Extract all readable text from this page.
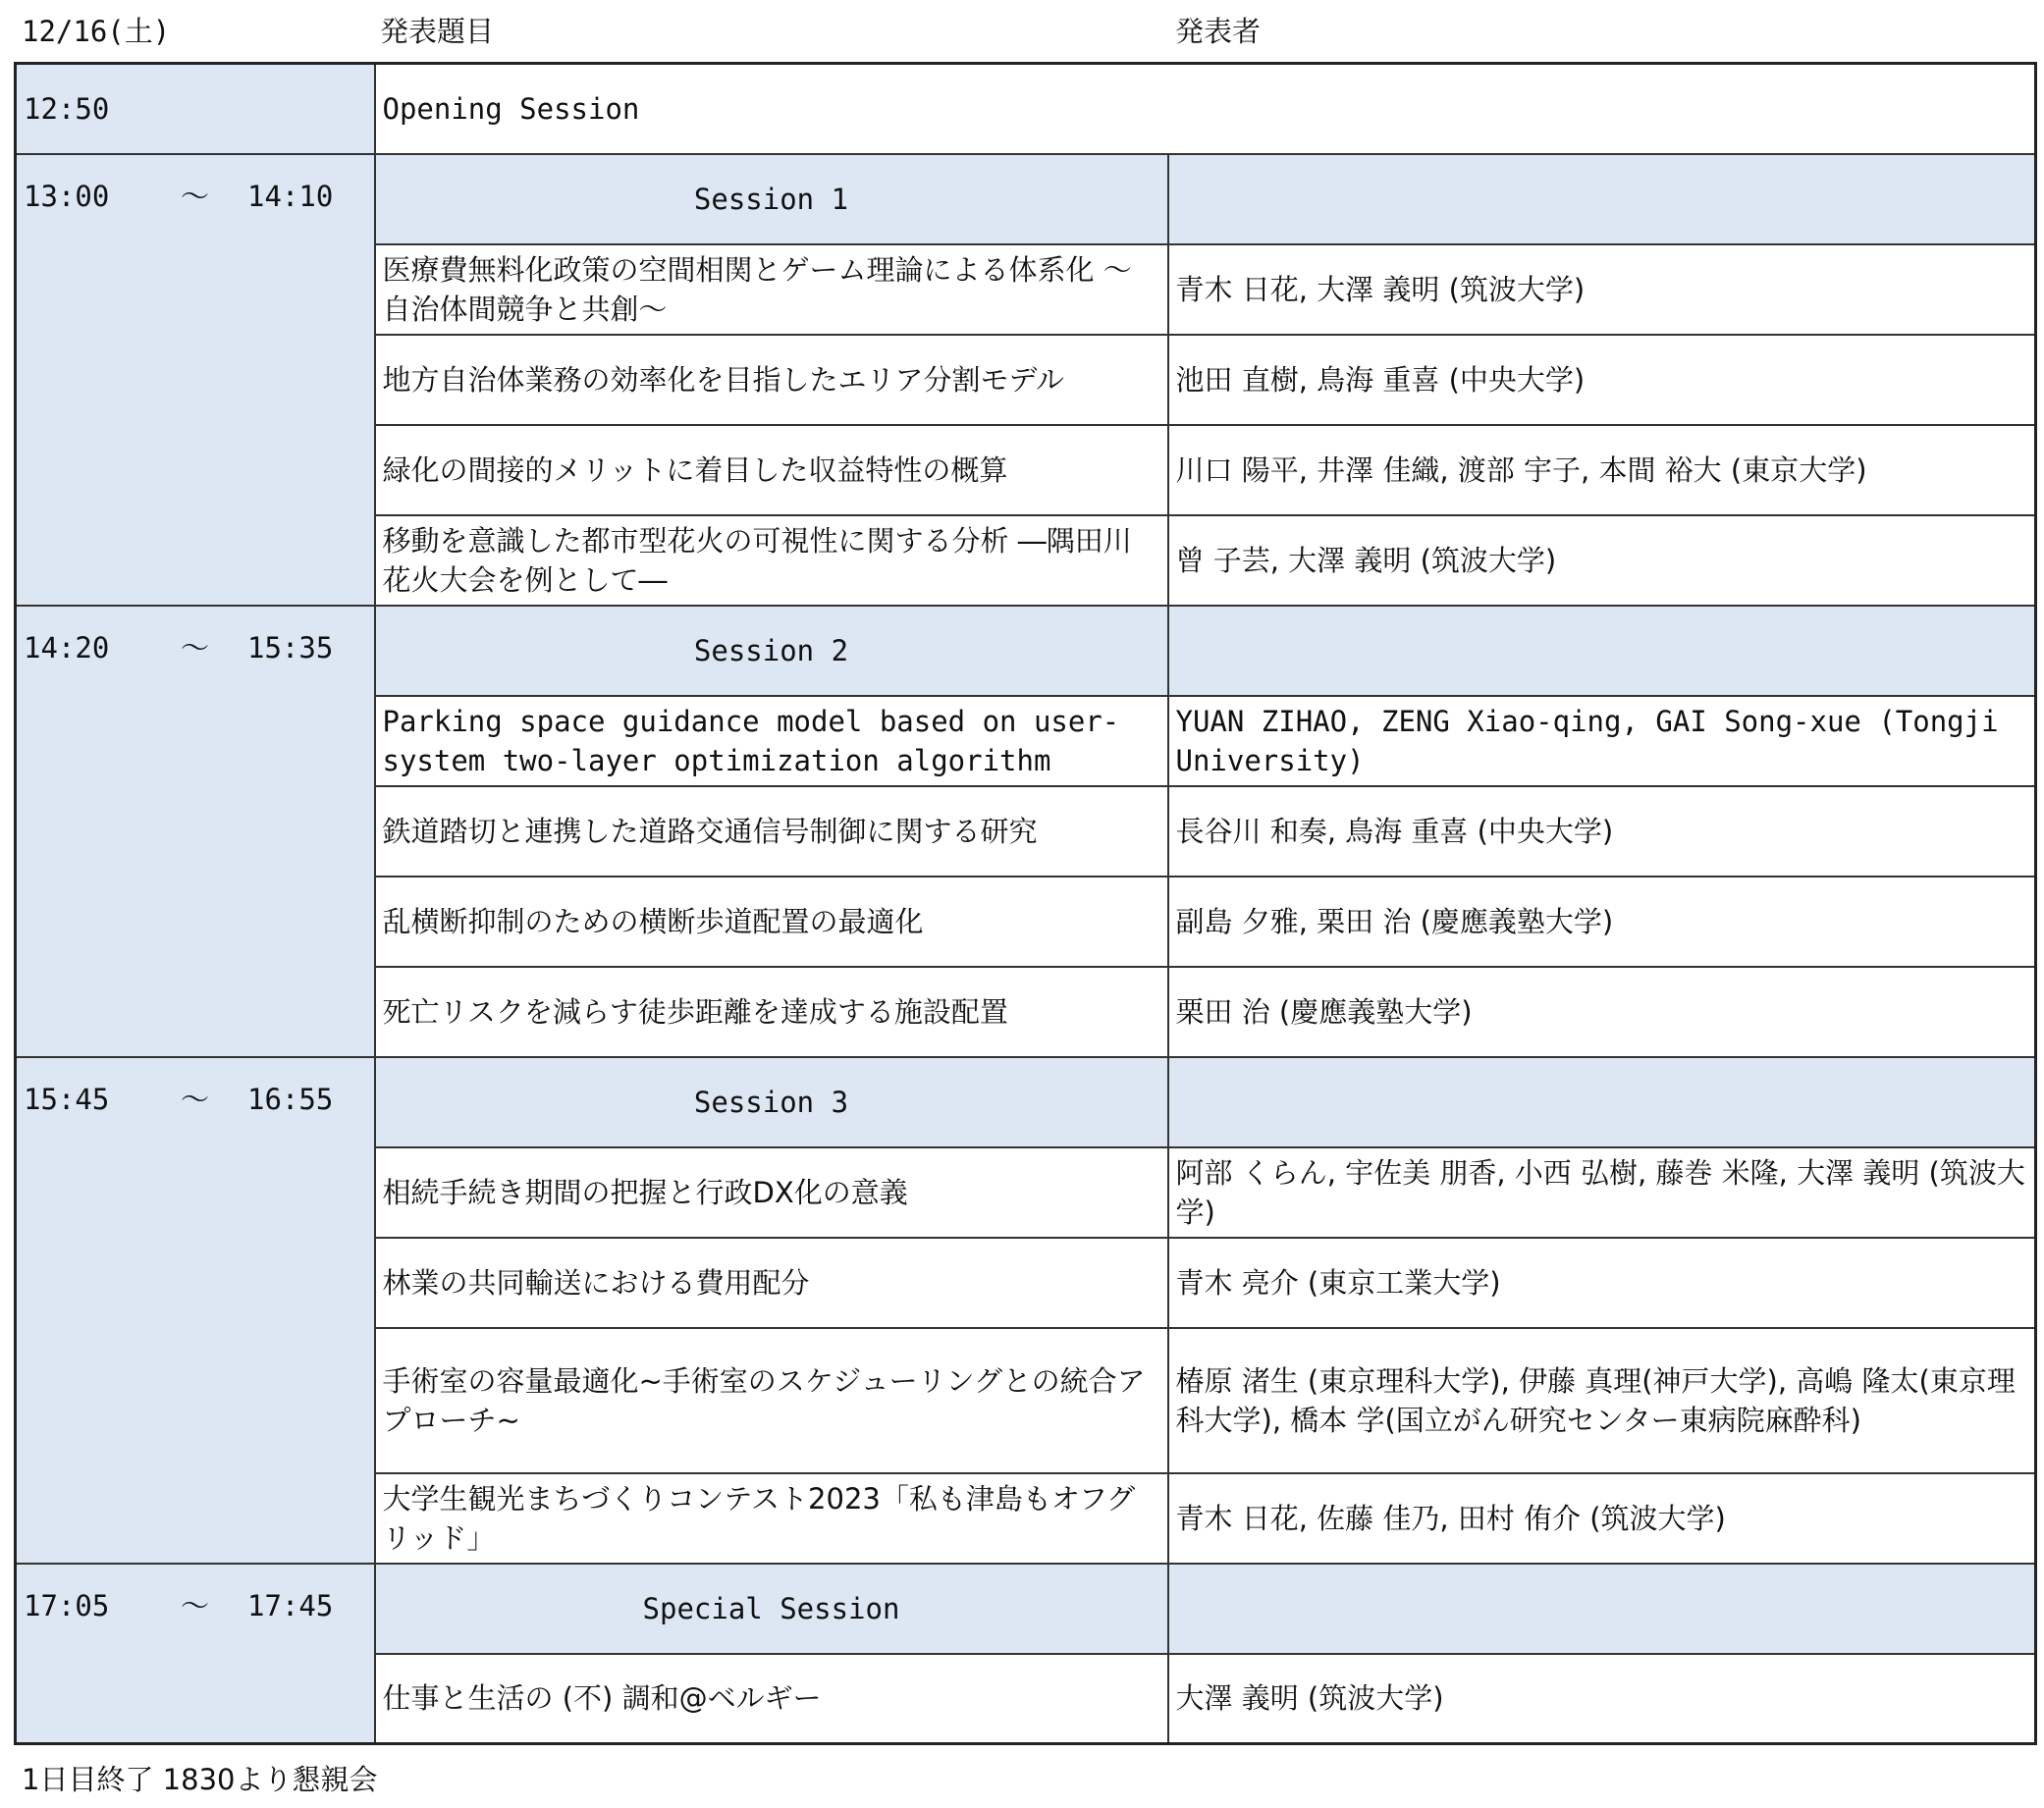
12/16(土)	発表題目	発表者
12:50	Opening Session	
13:00 ～ 14:10	Session 1	
	医療費無料化政策の空間相関とゲーム理論による体系化 ～自治体間競争と共創～	青木 日花, 大澤 義明 (筑波大学)
	地方自治体業務の効率化を目指したエリア分割モデル	池田 直樹, 鳥海 重喜 (中央大学)
	緑化の間接的メリットに着目した収益特性の概算	川口 陽平, 井澤 佳織, 渡部 宇子, 本間 裕大 (東京大学)
	移動を意識した都市型花火の可視性に関する分析 ―隅田川花火大会を例として―	曾 子芸, 大澤 義明 (筑波大学)
14:20 ～ 15:35	Session 2	
	Parking space guidance model based on user-system two-layer optimization algorithm	YUAN ZIHAO, ZENG Xiao-qing, GAI Song-xue (Tongji University)
	鉄道踏切と連携した道路交通信号制御に関する研究	長谷川 和奏, 鳥海 重喜 (中央大学)
	乱横断抑制のための横断歩道配置の最適化	副島 夕雅, 栗田 治 (慶應義塾大学)
	死亡リスクを減らす徒歩距離を達成する施設配置	栗田 治 (慶應義塾大学)
15:45 ～ 16:55	Session 3	
	相続手続き期間の把握と行政DX化の意義	阿部 くらん, 宇佐美 朋香, 小西 弘樹, 藤巻 米隆, 大澤 義明 (筑波大学)
	林業の共同輸送における費用配分	青木 亮介 (東京工業大学)
	手術室の容量最適化~手術室のスケジューリングとの統合アプローチ~	椿原 渚生 (東京理科大学), 伊藤 真理(神戸大学), 高嶋 隆太(東京理科大学), 橋本 学(国立がん研究センター東病院麻酔科)
	大学生観光まちづくりコンテスト2023「私も津島もオフグリッド」	青木 日花, 佐藤 佳乃, 田村 侑介 (筑波大学)
17:05 ～ 17:45	Special Session	
	仕事と生活の (不) 調和@ベルギー	大澤 義明 (筑波大学)
1日目終了 1830より懇親会
